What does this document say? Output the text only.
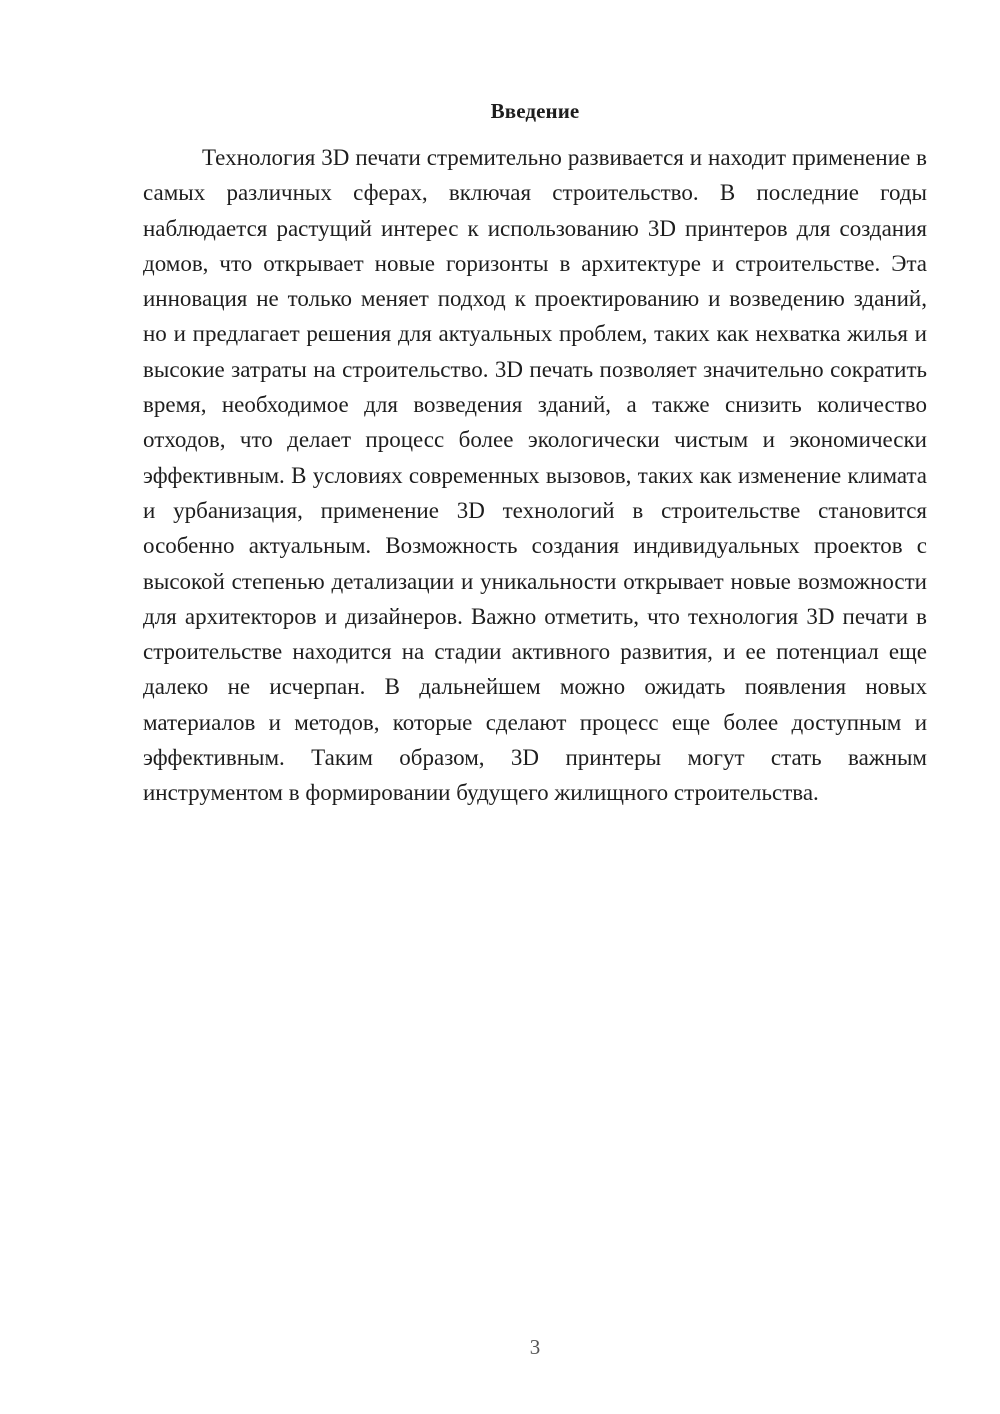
Введение

Технология 3D печати стремительно развивается и находит применение в самых различных сферах, включая строительство. В последние годы наблюдается растущий интерес к использованию 3D принтеров для создания домов, что открывает новые горизонты в архитектуре и строительстве. Эта инновация не только меняет подход к проектированию и возведению зданий, но и предлагает решения для актуальных проблем, таких как нехватка жилья и высокие затраты на строительство. 3D печать позволяет значительно сократить время, необходимое для возведения зданий, а также снизить количество отходов, что делает процесс более экологически чистым и экономически эффективным. В условиях современных вызовов, таких как изменение климата и урбанизация, применение 3D технологий в строительстве становится особенно актуальным. Возможность создания индивидуальных проектов с высокой степенью детализации и уникальности открывает новые возможности для архитекторов и дизайнеров. Важно отметить, что технология 3D печати в строительстве находится на стадии активного развития, и ее потенциал еще далеко не исчерпан. В дальнейшем можно ожидать появления новых материалов и методов, которые сделают процесс еще более доступным и эффективным. Таким образом, 3D принтеры могут стать важным инструментом в формировании будущего жилищного строительства.

3
